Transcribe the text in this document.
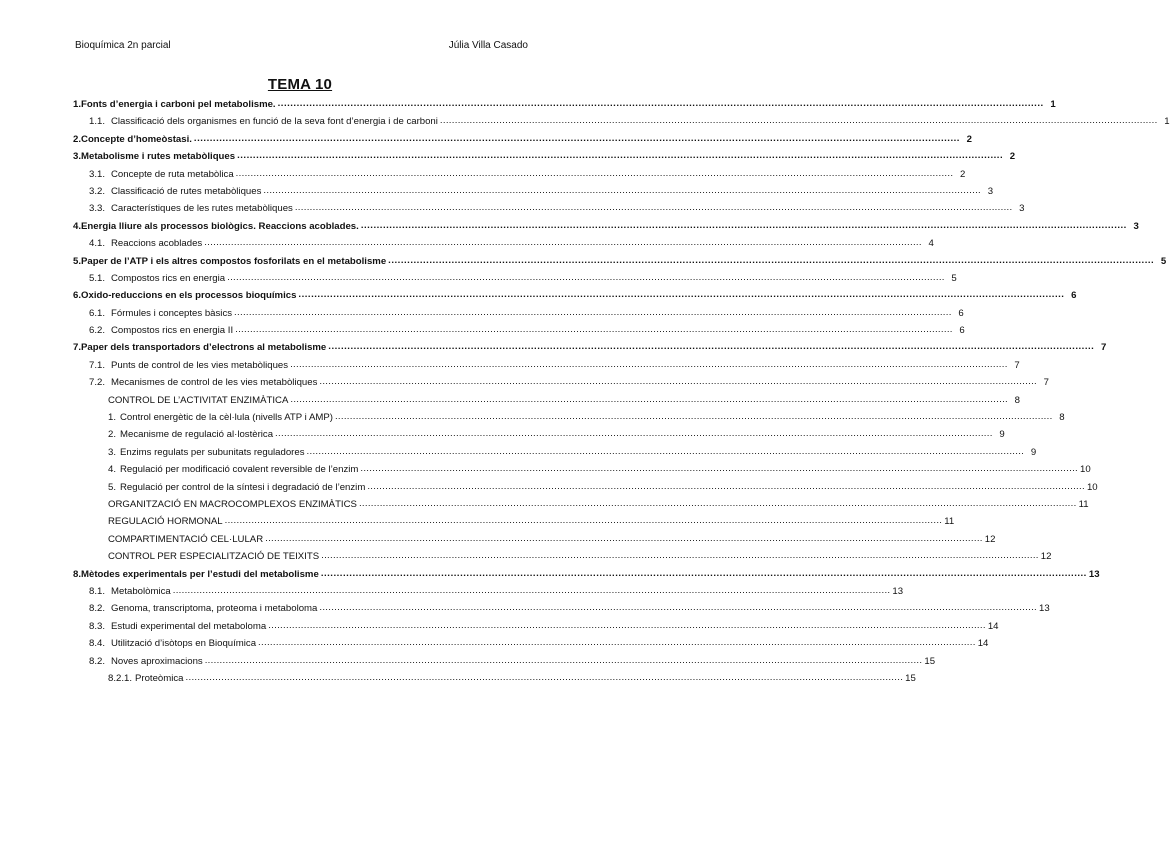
Bioquímica 2n parcial	Júlia Villa Casado
TEMA 10
1. Fonts d’energia i carboni pel metabolisme. .....	1
1.1. Classificació dels organismes en funció de la seva font d’energia i de carboni .....	1
2. Concepte d’homeòstasi. .....	2
3. Metabolisme i rutes metabòliques .....	2
3.1. Concepte de ruta metabòlica .....	2
3.2. Classificació de rutes metabòliques .....	3
3.3. Característiques de les rutes metabòliques .....	3
4. Energia lliure als processos biològics. Reaccions acoblades. .....	3
4.1. Reaccions acoblades .....	4
5. Paper de l’ATP i els altres compostos fosforilats en el metabolisme .....	5
5.1. Compostos rics en energia .....	5
6. Oxido-reduccions en els processos bioquímics .....	6
6.1. Fórmules i conceptes bàsics .....	6
6.2. Compostos rics en energia II .....	6
7. Paper dels transportadors d’electrons al metabolisme .....	7
7.1. Punts de control de les vies metabòliques .....	7
7.2. Mecanismes de control de les vies metabòliques .....	7
CONTROL DE L’ACTIVITAT ENZIMÀTICA .....	8
1. Control energètic de la cèl·lula (nivells ATP i AMP) .....	8
2. Mecanisme de regulació al·lostèrica .....	9
3. Enzims regulats per subunitats reguladores .....	9
4. Regulació per modificació covalent reversible de l’enzim .....	10
5. Regulació per control de la síntesi i degradació de l’enzim .....	10
ORGANITZACIÓ EN MACROCOMPLEXOS ENZIMÀTICS .....	11
REGULACIÓ HORMONAL .....	11
COMPARTIMENTACIÓ CEL·LULAR .....	12
CONTROL PER ESPECIALITZACIÓ DE TEIXITS .....	12
8. Mètodes experimentals per l’estudi del metabolisme .....	13
8.1. Metabolòmica .....	13
8.2. Genoma, transcriptoma, proteoma i metaboloma .....	13
8.3. Estudi experimental del metaboloma .....	14
8.4. Utilització d’isòtops en Bioquímica .....	14
8.2. Noves aproximacions .....	15
8.2.1. Proteòmica .....	15
